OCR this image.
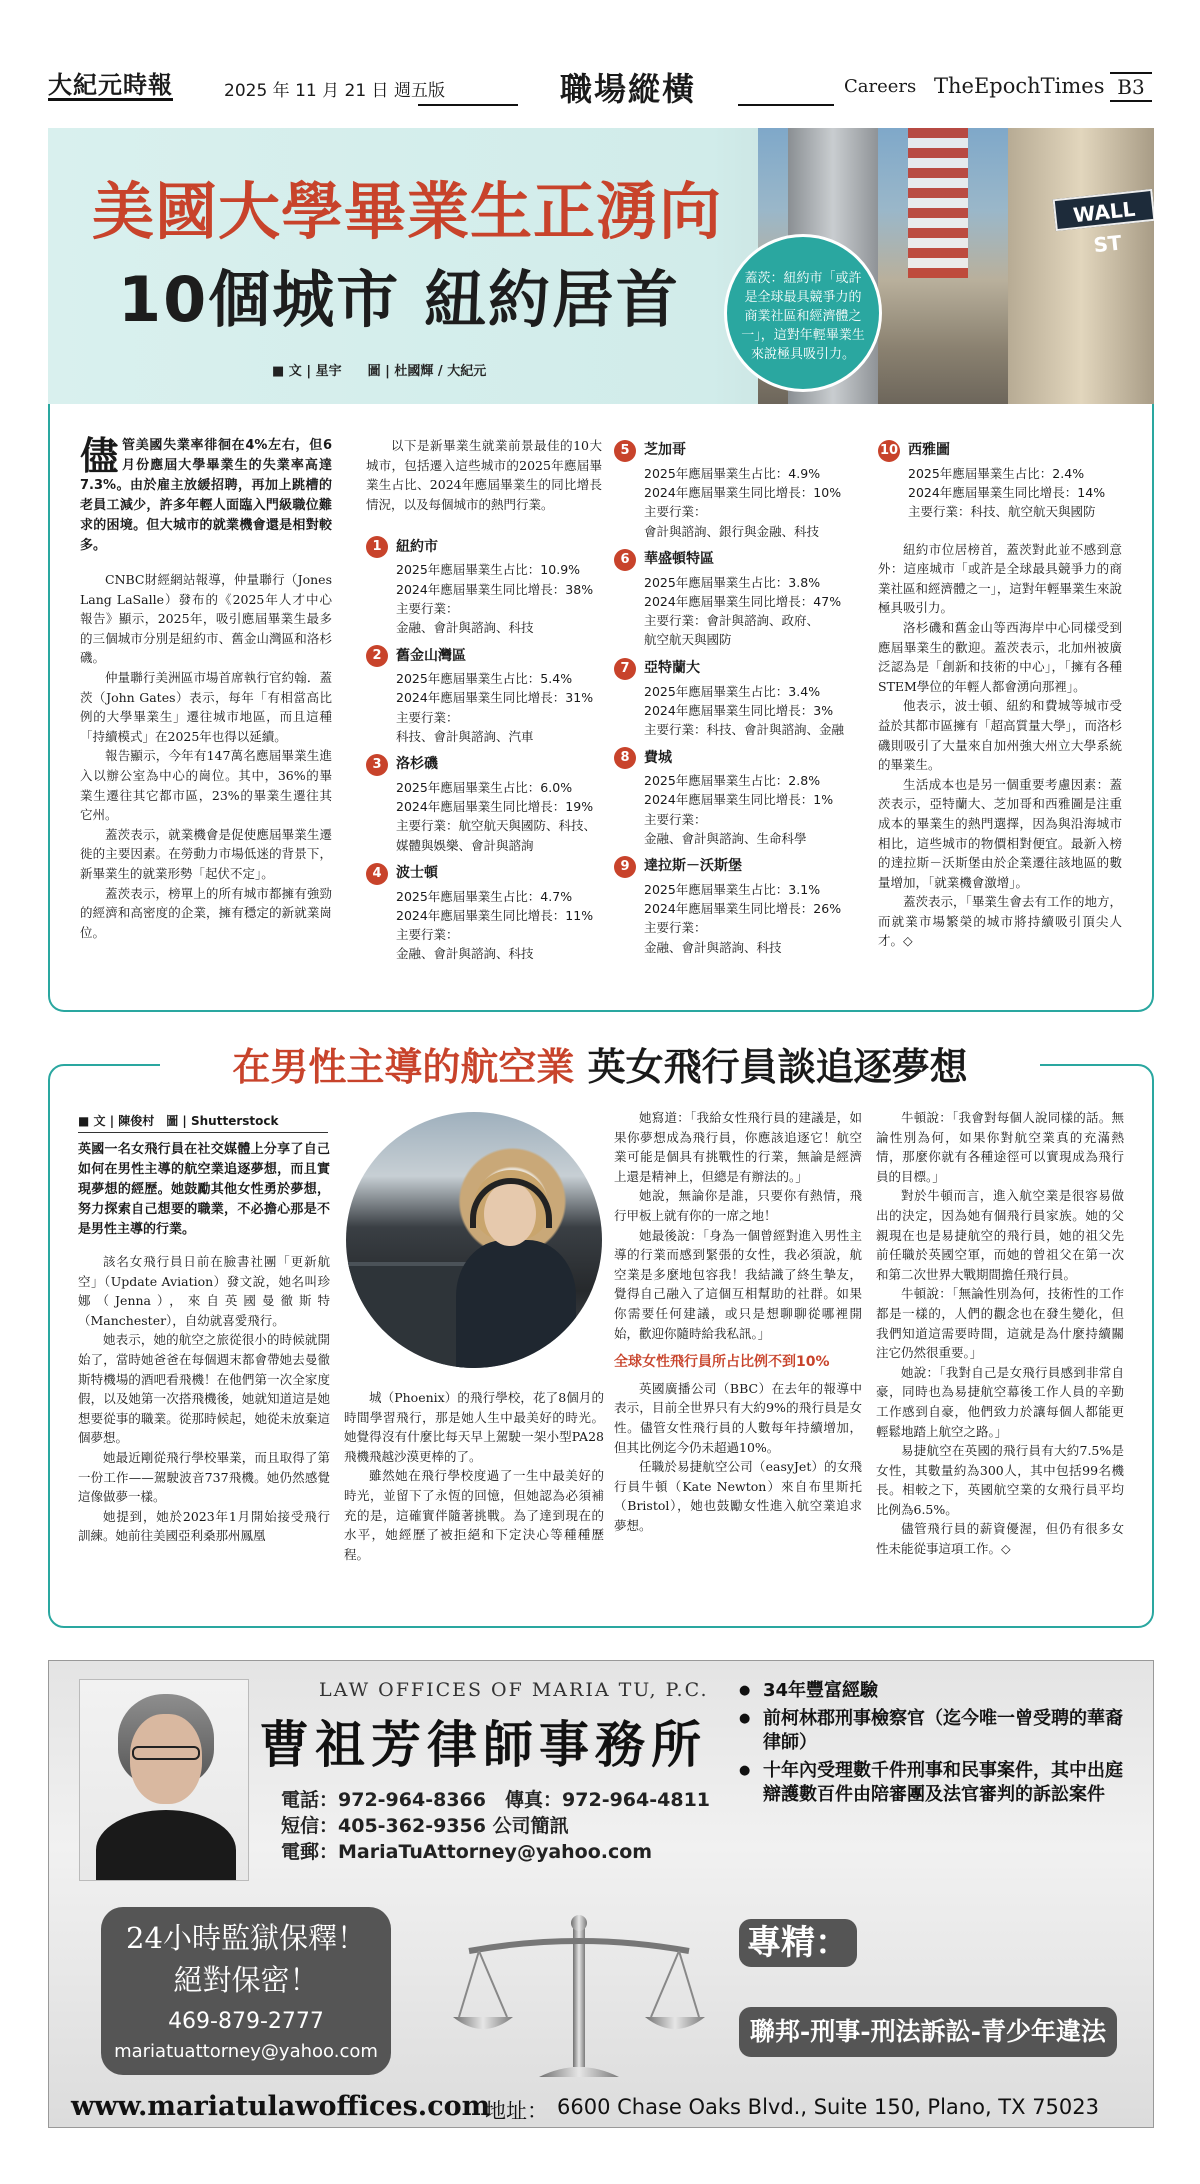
大紀元時報	2025 年 11 月 21 日 週五版	職場縱橫	Careers TheEpochTimes B3
WALL ST
美國大學畢業生正湧向
10個城市 紐約居首
■ 文 | 星宇　　圖 | 杜國輝 / 大紀元
蓋茨：紐約市「或許是全球最具競爭力的商業社區和經濟體之一」，這對年輕畢業生來說極具吸引力。

儘管美國失業率徘徊在4%左右，但6月份應屆大學畢業生的失業率高達7.3%。由於雇主放緩招聘，再加上跳槽的老員工減少，許多年輕人面臨入門級職位難求的困境。但大城市的就業機會還是相對較多。

CNBC財經網站報導，仲量聯行（Jones Lang LaSalle）發布的《2025年人才中心報告》顯示，2025年，吸引應屆畢業生最多的三個城市分別是紐約市、舊金山灣區和洛杉磯。

仲量聯行美洲區市場首席執行官約翰．蓋茨（John Gates）表示，每年「有相當高比例的大學畢業生」遷往城市地區，而且這種「持續模式」在2025年也得以延續。

報告顯示，今年有147萬名應屆畢業生進入以辦公室為中心的崗位。其中，36%的畢業生遷往其它都市區，23%的畢業生遷往其它州。

蓋茨表示，就業機會是促使應屆畢業生遷徙的主要因素。在勞動力市場低迷的背景下，新畢業生的就業形勢「起伏不定」。

蓋茨表示，榜單上的所有城市都擁有強勁的經濟和高密度的企業，擁有穩定的新就業崗位。

以下是新畢業生就業前景最佳的10大城市，包括遷入這些城市的2025年應屆畢業生占比、2024年應屆畢業生的同比增長情況，以及每個城市的熱門行業。

1	紐約市
2025年應屆畢業生占比：10.9%
2024年應屆畢業生同比增長：38%
主要行業：
金融、會計與諮詢、科技
2	舊金山灣區
2025年應屆畢業生占比：5.4%
2024年應屆畢業生同比增長：31%
主要行業：
科技、會計與諮詢、汽車
3	洛杉磯
2025年應屆畢業生占比：6.0%
2024年應屆畢業生同比增長：19%
主要行業：航空航天與國防、科技、
媒體與娛樂、會計與諮詢
4	波士頓
2025年應屆畢業生占比：4.7%
2024年應屆畢業生同比增長：11%
主要行業：
金融、會計與諮詢、科技
5	芝加哥
2025年應屆畢業生占比：4.9%
2024年應屆畢業生同比增長：10%
主要行業：
會計與諮詢、銀行與金融、科技
6	華盛頓特區
2025年應屆畢業生占比：3.8%
2024年應屆畢業生同比增長：47%
主要行業：會計與諮詢、政府、
航空航天與國防
7	亞特蘭大
2025年應屆畢業生占比：3.4%
2024年應屆畢業生同比增長：3%
主要行業：科技、會計與諮詢、金融
8	費城
2025年應屆畢業生占比：2.8%
2024年應屆畢業生同比增長：1%
主要行業：
金融、會計與諮詢、生命科學
9	達拉斯－沃斯堡
2025年應屆畢業生占比：3.1%
2024年應屆畢業生同比增長：26%
主要行業：
金融、會計與諮詢、科技
10 西雅圖
2025年應屆畢業生占比：2.4%
2024年應屆畢業生同比增長：14%
主要行業：科技、航空航天與國防

紐約市位居榜首，蓋茨對此並不感到意外：這座城市「或許是全球最具競爭力的商業社區和經濟體之一」，這對年輕畢業生來說極具吸引力。

洛杉磯和舊金山等西海岸中心同樣受到應屆畢業生的歡迎。蓋茨表示，北加州被廣泛認為是「創新和技術的中心」，「擁有各種STEM學位的年輕人都會湧向那裡」。

他表示，波士頓、紐約和費城等城市受益於其都市區擁有「超高質量大學」，而洛杉磯則吸引了大量來自加州強大州立大學系統的畢業生。

生活成本也是另一個重要考慮因素：蓋茨表示，亞特蘭大、芝加哥和西雅圖是注重成本的畢業生的熱門選擇，因為與沿海城市相比，這些城市的物價相對便宜。最新入榜的達拉斯－沃斯堡由於企業遷往該地區的數量增加，「就業機會激增」。

蓋茨表示，「畢業生會去有工作的地方，而就業市場繁榮的城市將持續吸引頂尖人才。◇

在男性主導的航空業 英女飛行員談追逐夢想
■ 文 | 陳俊村　圖 | Shutterstock

英國一名女飛行員在社交媒體上分享了自己如何在男性主導的航空業追逐夢想，而且實現夢想的經歷。她鼓勵其他女性勇於夢想，努力探索自己想要的職業，不必擔心那是不是男性主導的行業。

該名女飛行員日前在臉書社團「更新航空」（Update Aviation）發文說，她名叫珍娜（Jenna），來自英國曼徹斯特（Manchester），自幼就喜愛飛行。

她表示，她的航空之旅從很小的時候就開始了，當時她爸爸在每個週末都會帶她去曼徹斯特機場的酒吧看飛機！在他們第一次全家度假，以及她第一次搭飛機後，她就知道這是她想要從事的職業。從那時候起，她從未放棄這個夢想。

她最近剛從飛行學校畢業，而且取得了第一份工作——駕駛波音737飛機。她仍然感覺這像做夢一樣。

她提到，她於2023年1月開始接受飛行訓練。她前往美國亞利桑那州鳳凰

城（Phoenix）的飛行學校，花了8個月的時間學習飛行，那是她人生中最美好的時光。她覺得沒有什麼比每天早上駕駛一架小型PA28飛機飛越沙漠更棒的了。

雖然她在飛行學校度過了一生中最美好的時光，並留下了永恆的回憶，但她認為必須補充的是，這確實伴隨著挑戰。為了達到現在的水平，她經歷了被拒絕和下定決心等種種歷程。

她寫道：「我給女性飛行員的建議是，如果你夢想成為飛行員，你應該追逐它！航空業可能是個具有挑戰性的行業，無論是經濟上還是精神上，但總是有辦法的。」

她說，無論你是誰，只要你有熱情，飛行甲板上就有你的一席之地！

她最後說：「身為一個曾經對進入男性主導的行業而感到緊張的女性，我必須說，航空業是多麼地包容我！我結識了終生摯友，覺得自己融入了這個互相幫助的社群。如果你需要任何建議，或只是想聊聊從哪裡開始，歡迎你隨時給我私訊。」

全球女性飛行員所占比例不到10%

英國廣播公司（BBC）在去年的報導中表示，目前全世界只有大約9%的飛行員是女性。儘管女性飛行員的人數每年持續增加，但其比例迄今仍未超過10%。

任職於易捷航空公司（easyJet）的女飛行員牛頓（Kate Newton）來自布里斯托（Bristol），她也鼓勵女性進入航空業追求夢想。

牛頓說：「我會對每個人說同樣的話。無論性別為何，如果你對航空業真的充滿熱情，那麼你就有各種途徑可以實現成為飛行員的目標。」

對於牛頓而言，進入航空業是很容易做出的決定，因為她有個飛行員家族。她的父親現在也是易捷航空的飛行員，她的祖父先前任職於英國空軍，而她的曾祖父在第一次和第二次世界大戰期間擔任飛行員。

牛頓說：「無論性別為何，技術性的工作都是一樣的，人們的觀念也在發生變化，但我們知道這需要時間，這就是為什麼持續關注它仍然很重要。」

她說：「我對自己是女飛行員感到非常自豪，同時也為易捷航空幕後工作人員的辛勤工作感到自豪，他們致力於讓每個人都能更輕鬆地踏上航空之路。」

易捷航空在英國的飛行員有大約7.5%是女性，其數量約為300人，其中包括99名機長。相較之下，英國航空業的女飛行員平均比例為6.5%。

儘管飛行員的薪資優渥，但仍有很多女性未能從事這項工作。◇

LAW OFFICES OF MARIA TU, P.C.
曹祖芳律師事務所
電話：972-964-8366　 傳真：972-964-4811
短信：405-362-9356 公司簡訊
電郵：MariaTuAttorney@yahoo.com
● 34年豐富經驗
● 前柯林郡刑事檢察官（迄今唯一曾受聘的華裔律師）
● 十年內受理數千件刑事和民事案件，其中出庭辯護數百件由陪審團及法官審判的訴訟案件
24小時監獄保釋！
絕對保密！
469-879-2777
mariatuattorney@yahoo.com
專精：
聯邦-刑事-刑法訴訟-青少年違法
www.mariatulawoffices.com
地址： 6600 Chase Oaks Blvd., Suite 150, Plano, TX 75023
